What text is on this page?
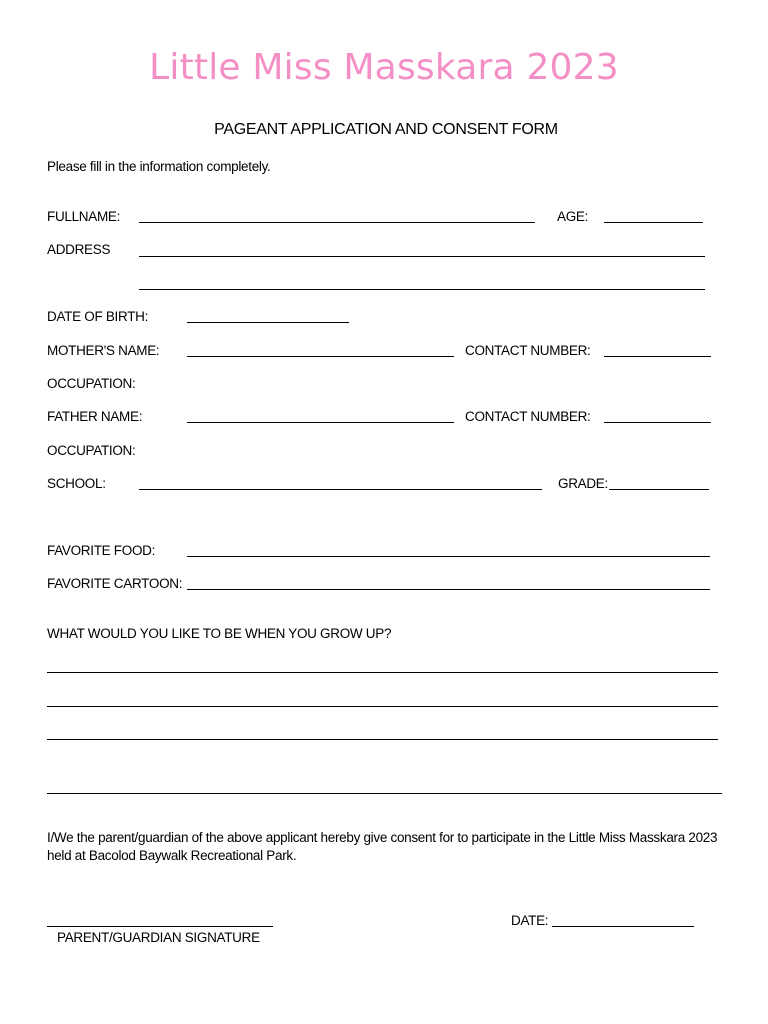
Little Miss Masskara 2023
PAGEANT APPLICATION AND CONSENT FORM
Please fill in the information completely.
FULLNAME:	AGE:
ADDRESS
DATE OF BIRTH:
MOTHER'S NAME:	CONTACT NUMBER:
OCCUPATION:
FATHER NAME:	CONTACT NUMBER:
OCCUPATION:
SCHOOL:	GRADE:
FAVORITE FOOD:
FAVORITE CARTOON:
WHAT WOULD YOU LIKE TO BE WHEN YOU GROW UP?
I/We the parent/guardian of the above applicant hereby give consent for to participate in the Little Miss Masskara 2023 held at Bacolod Baywalk Recreational Park.
PARENT/GUARDIAN SIGNATURE
DATE:
